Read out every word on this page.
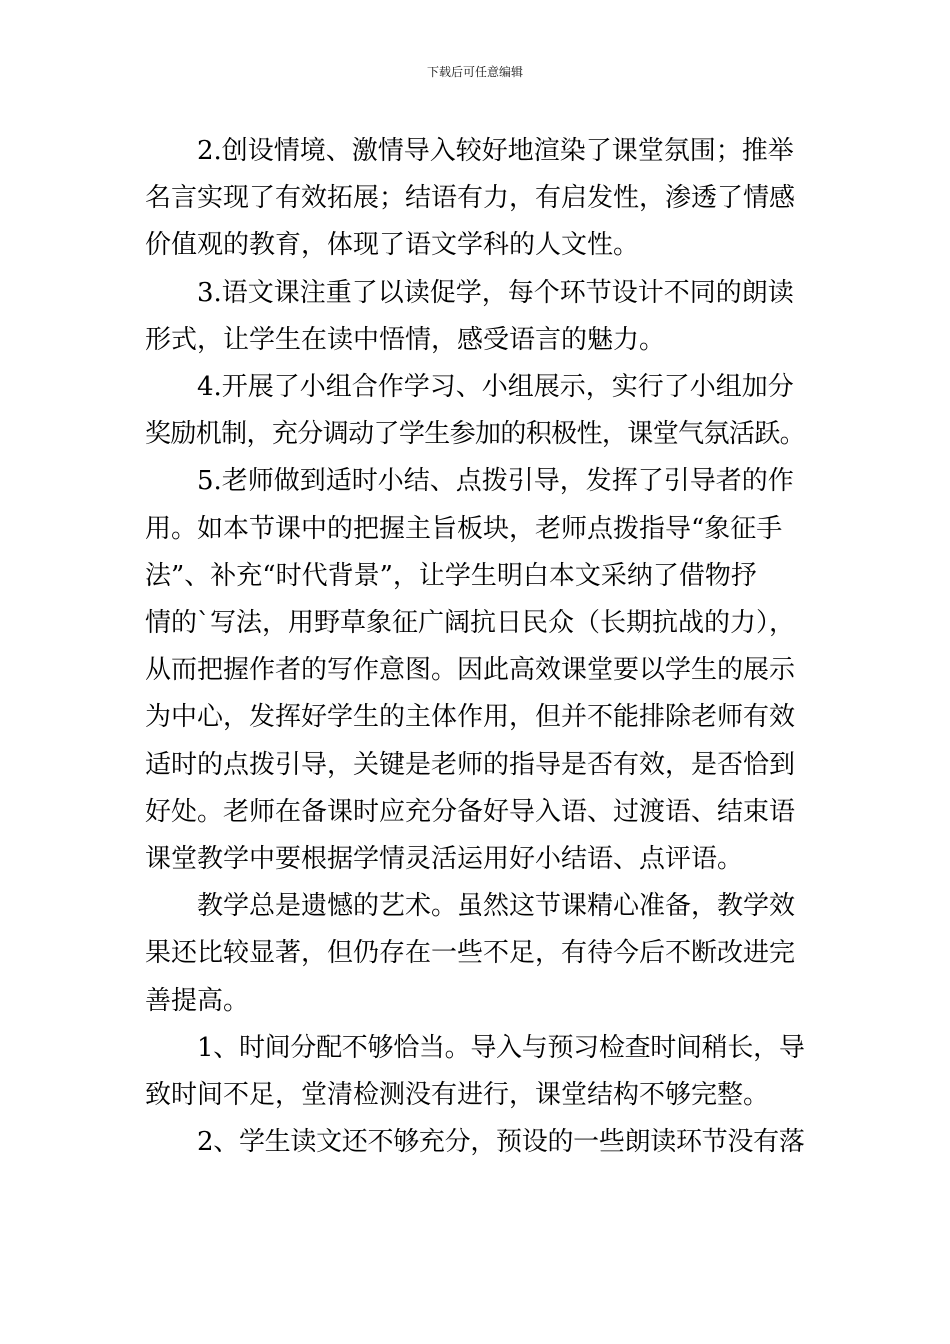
下载后可任意编辑
2.创设情境、激情导入较好地渲染了课堂氛围；推举
名言实现了有效拓展；结语有力，有启发性，渗透了情感
价值观的教育，体现了语文学科的人文性。
3.语文课注重了以读促学，每个环节设计不同的朗读
形式，让学生在读中悟情，感受语言的魅力。
4.开展了小组合作学习、小组展示，实行了小组加分
奖励机制，充分调动了学生参加的积极性，课堂气氛活跃。
5.老师做到适时小结、点拨引导，发挥了引导者的作
用。如本节课中的把握主旨板块，老师点拨指导“象征手
法”、补充“时代背景”，让学生明白本文采纳了借物抒
情的`写法，用野草象征广阔抗日民众（长期抗战的力），
从而把握作者的写作意图。因此高效课堂要以学生的展示
为中心，发挥好学生的主体作用，但并不能排除老师有效
适时的点拨引导，关键是老师的指导是否有效，是否恰到
好处。老师在备课时应充分备好导入语、过渡语、结束语
课堂教学中要根据学情灵活运用好小结语、点评语。
教学总是遗憾的艺术。虽然这节课精心准备，教学效
果还比较显著，但仍存在一些不足，有待今后不断改进完
善提高。
1、时间分配不够恰当。导入与预习检查时间稍长，导
致时间不足，堂清检测没有进行，课堂结构不够完整。
2、学生读文还不够充分，预设的一些朗读环节没有落
